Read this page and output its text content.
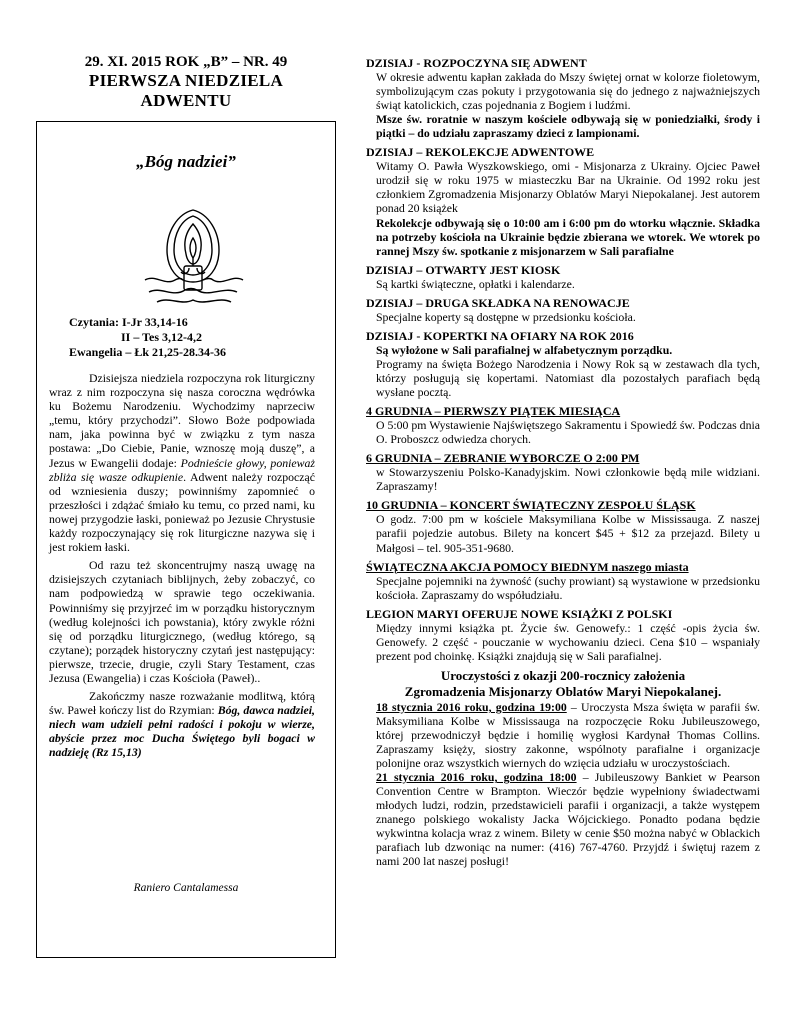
29. XI. 2015 ROK „B” – NR. 49
PIERWSZA NIEDZIELA
ADWENTU
„Bóg nadziei”
Czytania: I-Jr 33,14-16
II – Tes 3,12-4,2
Ewangelia – Łk 21,25-28.34-36

Dzisiejsza niedziela rozpoczyna rok liturgiczny wraz z nim rozpoczyna się nasza coroczna wędrówka ku Bożemu Narodzeniu. Wychodzimy naprzeciw „temu, który przychodzi”. Słowo Boże podpowiada nam, jaka powinna być w związku z tym nasza postawa: „Do Ciebie, Panie, wznoszę moją duszę”, a Jezus w Ewangelii dodaje: Podnieście głowy, ponieważ zbliża się wasze odkupienie. Adwent należy rozpocząć od wzniesienia duszy; powinniśmy zapomnieć o przeszłości i zdążać śmiało ku temu, co przed nami, ku nowej przygodzie łaski, ponieważ po Jezusie Chrystusie każdy rozpoczynający się rok liturgiczne nazywa się i jest rokiem łaski.

Od razu też skoncentrujmy naszą uwagę na dzisiejszych czytaniach biblijnych, żeby zobaczyć, co nam podpowiedzą w sprawie tego oczekiwania. Powinniśmy się przyjrzeć im w porządku historycznym (według kolejności ich powstania), który zwykle różni się od porządku liturgicznego, (według którego, są czytane); porządek historyczny czytań jest następujący: pierwsze, trzecie, drugie, czyli Stary Testament, czas Jezusa (Ewangelia) i czas Kościoła (Paweł)..

Zakończmy nasze rozważanie modlitwą, którą św. Paweł kończy list do Rzymian: Bóg, dawca nadziei, niech wam udzieli pełni radości i pokoju w wierze, abyście przez moc Ducha Świętego byli bogaci w nadzieję (Rz 15,13)

Raniero Cantalamessa
DZISIAJ - ROZPOCZYNA SIĘ ADWENT

W okresie adwentu kapłan zakłada do Mszy świętej ornat w kolorze fioletowym, symbolizującym czas pokuty i przygotowania się do jednego z najważniejszych świąt katolickich, czas pojednania z Bogiem i ludźmi.

Msze św. roratnie w naszym kościele odbywają się w poniedziałki, środy i piątki – do udziału zapraszamy dzieci z lampionami.

DZISIAJ – REKOLEKCJE ADWENTOWE

Witamy O. Pawła Wyszkowskiego, omi - Misjonarza z Ukrainy. Ojciec Paweł urodził się w roku 1975 w miasteczku Bar na Ukrainie. Od 1992 roku jest członkiem Zgromadzenia Misjonarzy Oblatów Maryi Niepokalanej. Jest autorem ponad 20 książek

Rekolekcje odbywają się o 10:00 am i 6:00 pm do wtorku włącznie. Składka na potrzeby kościoła na Ukrainie będzie zbierana we wtorek. We wtorek po rannej Mszy św. spotkanie z misjonarzem w Sali parafialne

DZISIAJ – OTWARTY JEST KIOSK

Są kartki świąteczne, opłatki i kalendarze.

DZISIAJ – DRUGA SKŁADKA NA RENOWACJE

Specjalne koperty są dostępne w przedsionku kościoła.

DZISIAJ - KOPERTKI NA OFIARY NA ROK 2016

Są wyłożone w Sali parafialnej w alfabetycznym porządku.

Programy na święta Bożego Narodzenia i Nowy Rok są w zestawach dla tych, którzy posługują się kopertami. Natomiast dla pozostałych parafiach będą wysłane pocztą.

4 GRUDNIA – PIERWSZY PIĄTEK MIESIĄCA

O 5:00 pm Wystawienie Najświętszego Sakramentu i Spowiedź św. Podczas dnia O. Proboszcz odwiedza chorych.

6 GRUDNIA – ZEBRANIE WYBORCZE O 2:00 PM

w Stowarzyszeniu Polsko-Kanadyjskim. Nowi członkowie będą mile widziani. Zapraszamy!

10 GRUDNIA – KONCERT ŚWIĄTECZNY ZESPOŁU ŚLĄSK

O godz. 7:00 pm w kościele Maksymiliana Kolbe w Mississauga. Z naszej parafii pojedzie autobus. Bilety na koncert $45 + $12 za przejazd. Bilety u Małgosi – tel. 905-351-9680.

ŚWIĄTECZNA AKCJA POMOCY BIEDNYM naszego miasta

Specjalne pojemniki na żywność (suchy prowiant) są wystawione w przedsionku kościoła. Zapraszamy do współudziału.

LEGION MARYI OFERUJE NOWE KSIĄŻKI Z POLSKI

Między innymi książka pt. Życie św. Genowefy.: 1 część -opis życia św. Genowefy. 2 część - pouczanie w wychowaniu dzieci. Cena $10 – wspaniały prezent pod choinkę. Książki znajdują się w Sali parafialnej.

Uroczystości z okazji 200-rocznicy założenia
Zgromadzenia Misjonarzy Oblatów Maryi Niepokalanej.

18 stycznia 2016 roku, godzina 19:00 – Uroczysta Msza święta w parafii św. Maksymiliana Kolbe w Mississauga na rozpoczęcie Roku Jubileuszowego, której przewodniczył będzie i homilię wygłosi Kardynał Thomas Collins. Zapraszamy księży, siostry zakonne, wspólnoty parafialne i organizacje polonijne oraz wszystkich wiernych do wzięcia udziału w uroczystościach.

21 stycznia 2016 roku, godzina 18:00 – Jubileuszowy Bankiet w Pearson Convention Centre w Brampton. Wieczór będzie wypełniony świadectwami młodych ludzi, rodzin, przedstawicieli parafii i organizacji, a także występem znanego polskiego wokalisty Jacka Wójcickiego. Ponadto podana będzie wykwintna kolacja wraz z winem. Bilety w cenie $50 można nabyć w Oblackich parafiach lub dzwoniąc na numer: (416) 767-4760. Przyjdź i świętuj razem z nami 200 lat naszej posługi!
